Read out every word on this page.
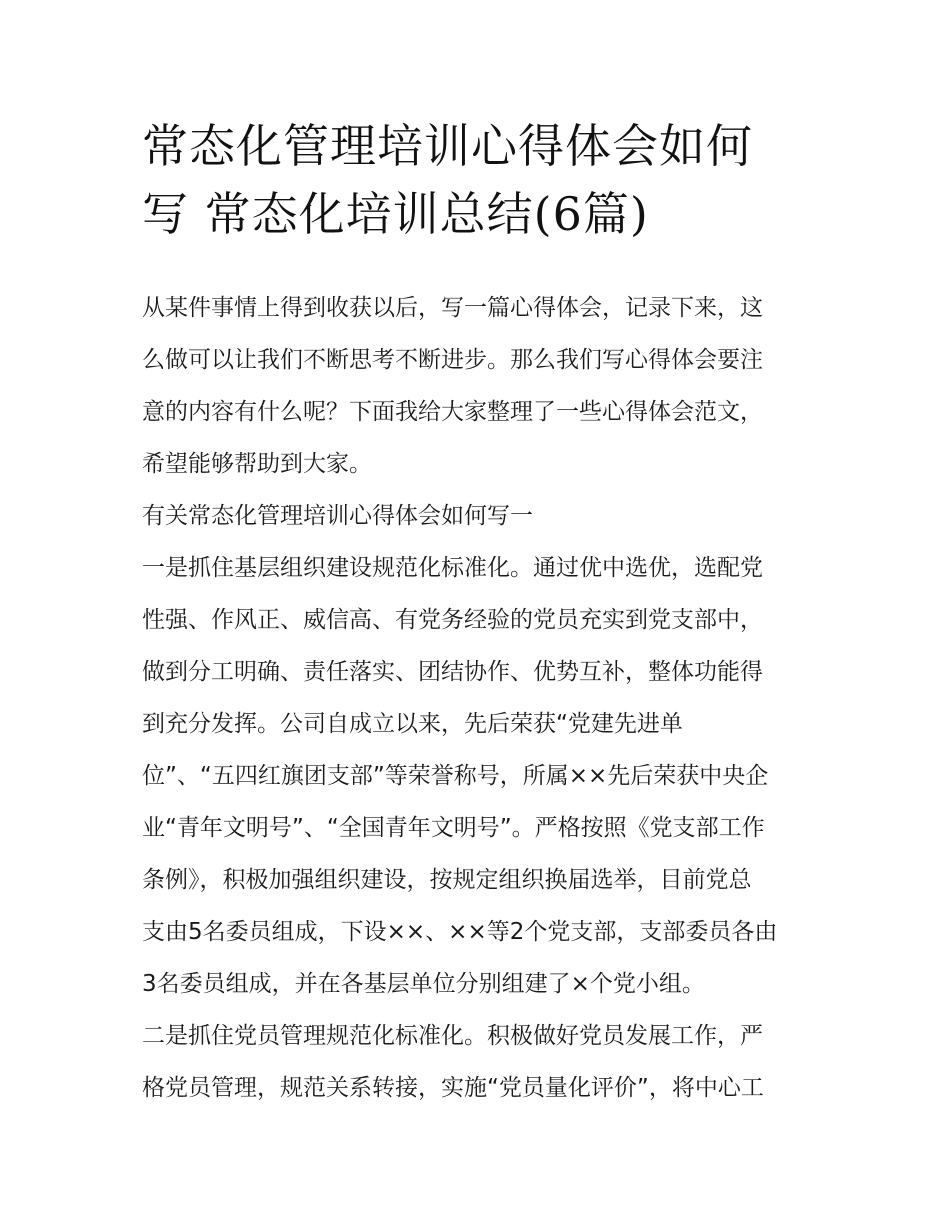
常态化管理培训心得体会如何
写 常态化培训总结(6篇)

从某件事情上得到收获以后，写一篇心得体会，记录下来，这
么做可以让我们不断思考不断进步。那么我们写心得体会要注
意的内容有什么呢？下面我给大家整理了一些心得体会范文，
希望能够帮助到大家。

有关常态化管理培训心得体会如何写一

一是抓住基层组织建设规范化标准化。通过优中选优，选配党
性强、作风正、威信高、有党务经验的党员充实到党支部中，
做到分工明确、责任落实、团结协作、优势互补，整体功能得
到充分发挥。公司自成立以来，先后荣获“党建先进单
位”、“五四红旗团支部”等荣誉称号，所属××先后荣获中央企
业“青年文明号”、“全国青年文明号”。严格按照《党支部工作
条例》，积极加强组织建设，按规定组织换届选举，目前党总
支由5名委员组成，下设××、××等2个党支部，支部委员各由
3名委员组成，并在各基层单位分别组建了×个党小组。

二是抓住党员管理规范化标准化。积极做好党员发展工作，严
格党员管理，规范关系转接，实施“党员量化评价”，将中心工
